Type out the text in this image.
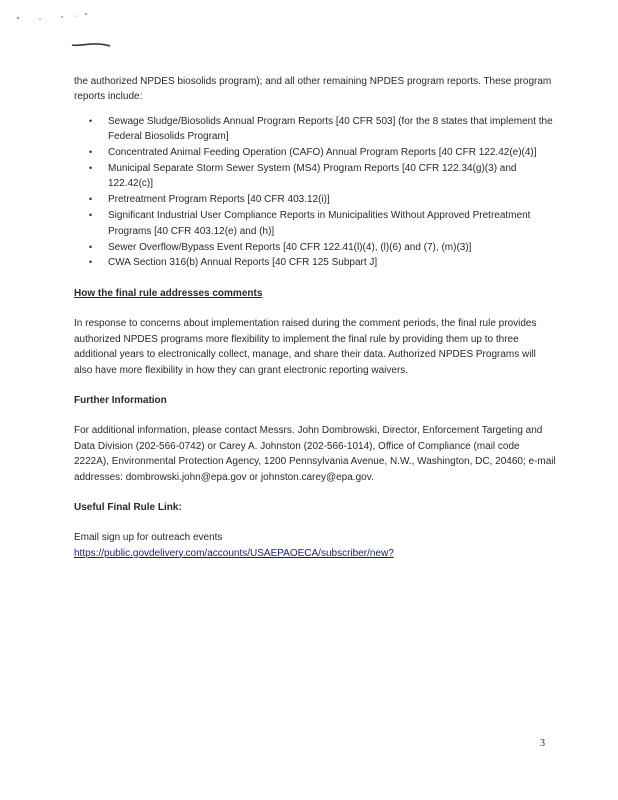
the authorized NPDES biosolids program); and all other remaining NPDES program reports. These program reports include:

• Sewage Sludge/Biosolids Annual Program Reports [40 CFR 503] (for the 8 states that implement the Federal Biosolids Program]
• Concentrated Animal Feeding Operation (CAFO) Annual Program Reports [40 CFR 122.42(e)(4)]
• Municipal Separate Storm Sewer System (MS4) Program Reports [40 CFR 122.34(g)(3) and 122.42(c)]
• Pretreatment Program Reports [40 CFR 403.12(i)]
• Significant Industrial User Compliance Reports in Municipalities Without Approved Pretreatment Programs [40 CFR 403.12(e) and (h)]
• Sewer Overflow/Bypass Event Reports [40 CFR 122.41(l)(4), (l)(6) and (7), (m)(3)]
• CWA Section 316(b) Annual Reports [40 CFR 125 Subpart J]

How the final rule addresses comments

In response to concerns about implementation raised during the comment periods, the final rule provides authorized NPDES programs more flexibility to implement the final rule by providing them up to three additional years to electronically collect, manage, and share their data. Authorized NPDES Programs will also have more flexibility in how they can grant electronic reporting waivers.

Further Information

For additional information, please contact Messrs. John Dombrowski, Director, Enforcement Targeting and Data Division (202-566-0742) or Carey A. Johnston (202-566-1014), Office of Compliance (mail code 2222A), Environmental Protection Agency, 1200 Pennsylvania Avenue, N.W., Washington, DC, 20460; e-mail addresses: dombrowski.john@epa.gov or johnston.carey@epa.gov.

Useful Final Rule Link:

Email sign up for outreach events

https://public.govdelivery.com/accounts/USAEPAOECA/subscriber/new?

3
